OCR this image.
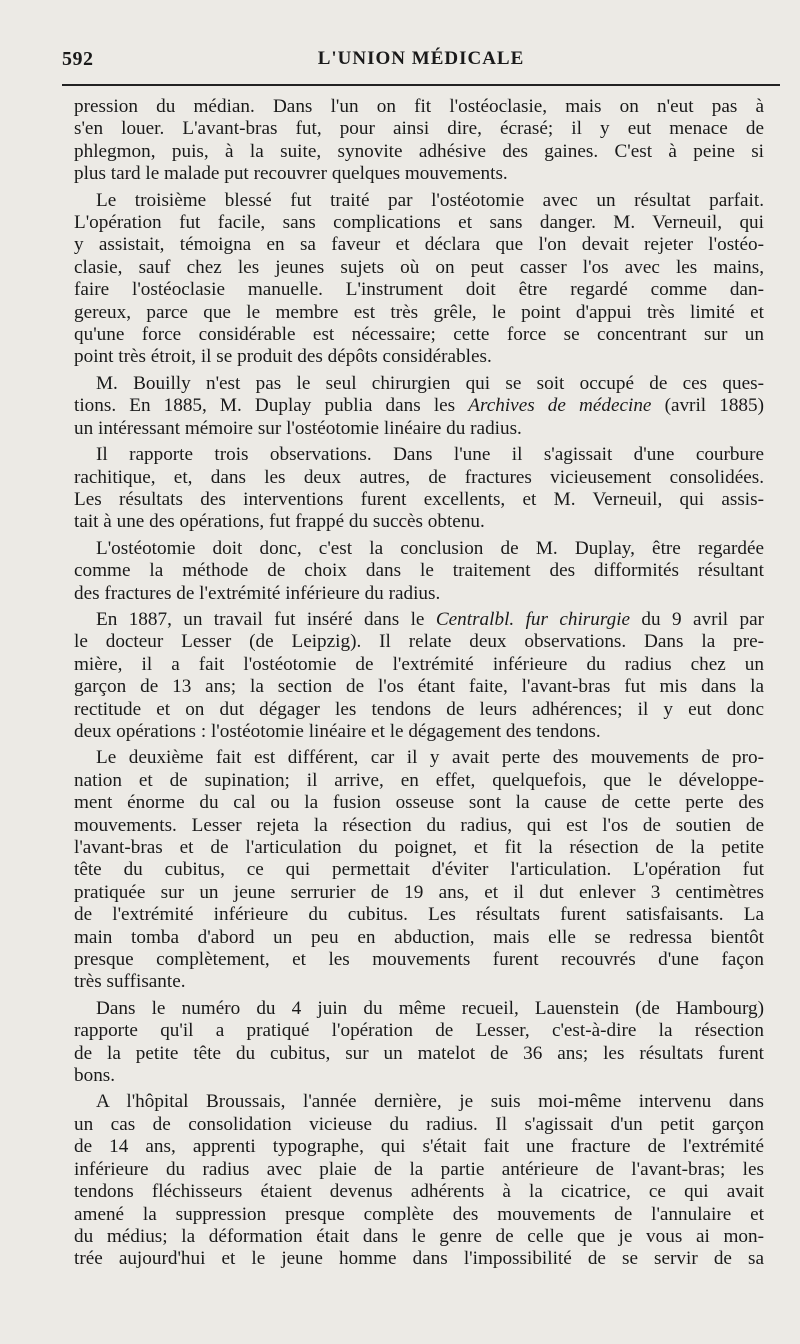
592	L'UNION MÉDICALE

pression du médian. Dans l'un on fit l'ostéoclasie, mais on n'eut pas à
s'en louer. L'avant-bras fut, pour ainsi dire, écrasé; il y eut menace de
phlegmon, puis, à la suite, synovite adhésive des gaines. C'est à peine si
plus tard le malade put recouvrer quelques mouvements.

Le troisième blessé fut traité par l'ostéotomie avec un résultat parfait.
L'opération fut facile, sans complications et sans danger. M. Verneuil, qui
y assistait, témoigna en sa faveur et déclara que l'on devait rejeter l'ostéo-
clasie, sauf chez les jeunes sujets où on peut casser l'os avec les mains,
faire l'ostéoclasie manuelle. L'instrument doit être regardé comme dan-
gereux, parce que le membre est très grêle, le point d'appui très limité et
qu'une force considérable est nécessaire; cette force se concentrant sur un
point très étroit, il se produit des dépôts considérables.

M. Bouilly n'est pas le seul chirurgien qui se soit occupé de ces ques-
tions. En 1885, M. Duplay publia dans les Archives de médecine (avril 1885)
un intéressant mémoire sur l'ostéotomie linéaire du radius.

Il rapporte trois observations. Dans l'une il s'agissait d'une courbure
rachitique, et, dans les deux autres, de fractures vicieusement consolidées.
Les résultats des interventions furent excellents, et M. Verneuil, qui assis-
tait à une des opérations, fut frappé du succès obtenu.

L'ostéotomie doit donc, c'est la conclusion de M. Duplay, être regardée
comme la méthode de choix dans le traitement des difformités résultant
des fractures de l'extrémité inférieure du radius.

En 1887, un travail fut inséré dans le Centralbl. fur chirurgie du 9 avril par
le docteur Lesser (de Leipzig). Il relate deux observations. Dans la pre-
mière, il a fait l'ostéotomie de l'extrémité inférieure du radius chez un
garçon de 13 ans; la section de l'os étant faite, l'avant-bras fut mis dans la
rectitude et on dut dégager les tendons de leurs adhérences; il y eut donc
deux opérations : l'ostéotomie linéaire et le dégagement des tendons.

Le deuxième fait est différent, car il y avait perte des mouvements de pro-
nation et de supination; il arrive, en effet, quelquefois, que le développe-
ment énorme du cal ou la fusion osseuse sont la cause de cette perte des
mouvements. Lesser rejeta la résection du radius, qui est l'os de soutien de
l'avant-bras et de l'articulation du poignet, et fit la résection de la petite
tête du cubitus, ce qui permettait d'éviter l'articulation. L'opération fut
pratiquée sur un jeune serrurier de 19 ans, et il dut enlever 3 centimètres
de l'extrémité inférieure du cubitus. Les résultats furent satisfaisants. La
main tomba d'abord un peu en abduction, mais elle se redressa bientôt
presque complètement, et les mouvements furent recouvrés d'une façon
très suffisante.

Dans le numéro du 4 juin du même recueil, Lauenstein (de Hambourg)
rapporte qu'il a pratiqué l'opération de Lesser, c'est-à-dire la résection
de la petite tête du cubitus, sur un matelot de 36 ans; les résultats furent
bons.

A l'hôpital Broussais, l'année dernière, je suis moi-même intervenu dans
un cas de consolidation vicieuse du radius. Il s'agissait d'un petit garçon
de 14 ans, apprenti typographe, qui s'était fait une fracture de l'extrémité
inférieure du radius avec plaie de la partie antérieure de l'avant-bras; les
tendons fléchisseurs étaient devenus adhérents à la cicatrice, ce qui avait
amené la suppression presque complète des mouvements de l'annulaire et
du médius; la déformation était dans le genre de celle que je vous ai mon-
trée aujourd'hui et le jeune homme dans l'impossibilité de se servir de sa
